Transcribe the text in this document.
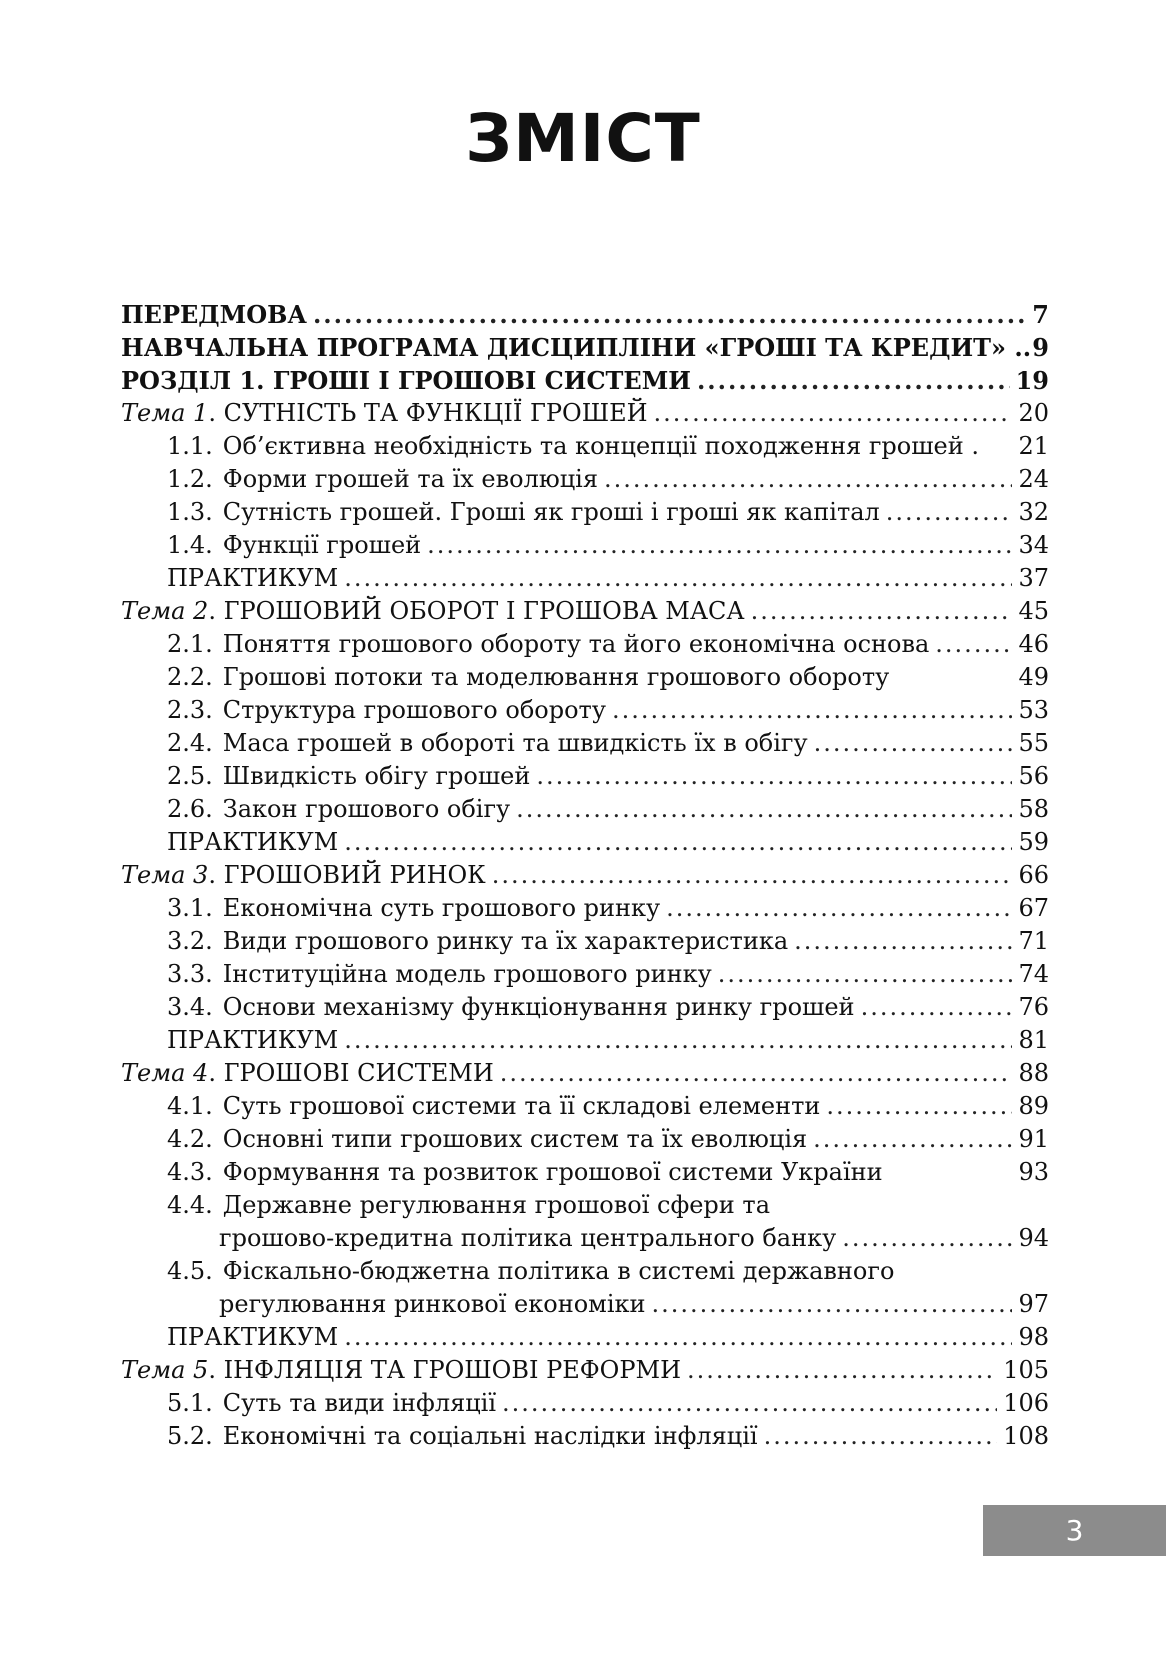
ЗМІСТ
ПЕРЕДМОВА .....	7
НАВЧАЛЬНА ПРОГРАМА ДИСЦИПЛІНИ «ГРОШІ ТА КРЕДИТ» .. 9
РОЗДІЛ 1. ГРОШІ І ГРОШОВІ СИСТЕМИ .....	19
Тема 1 . СУТНІСТЬ ТА ФУНКЦІЇ ГРОШЕЙ .....	20
1.1. Об’єктивна необхідність та концепції походження грошей . 21
1.2. Форми грошей та їх еволюція .....	24
1.3. Сутність грошей. Гроші як гроші і гроші як капітал .....	32
1.4. Функції грошей .....	34
ПРАКТИКУМ .....	37
Тема 2 . ГРОШОВИЙ ОБОРОТ І ГРОШОВА МАСА .....	45
2.1. Поняття грошового обороту та його економічна основа .....	46
2.2. Грошові потоки та моделювання грошового обороту	49
2.3. Структура грошового обороту .....	53
2.4. Маса грошей в обороті та швидкість їх в обігу .....	55
2.5. Швидкість обігу грошей .....	56
2.6. Закон грошового обігу .....	58
ПРАКТИКУМ .....	59
Тема 3 . ГРОШОВИЙ РИНОК .....	66
3.1. Економічна суть грошового ринку .....	67
3.2. Види грошового ринку та їх характеристика .....	71
3.3. Інституційна модель грошового ринку .....	74
3.4. Основи механізму функціонування ринку грошей .....	76
ПРАКТИКУМ .....	81
Тема 4 . ГРОШОВІ СИСТЕМИ .....	88
4.1. Суть грошової системи та її складові елементи .....	89
4.2. Основні типи грошових систем та їх еволюція .....	91
4.3. Формування та розвиток грошової системи України	93
4.4. Державне регулювання грошової сфери та
грошово-кредитна політика центрального банку .....	94
4.5. Фіскально-бюджетна політика в системі державного
регулювання ринкової економіки .....	97
ПРАКТИКУМ .....	98
Тема 5 . ІНФЛЯЦІЯ ТА ГРОШОВІ РЕФОРМИ .....	105
5.1. Суть та види інфляції .....	106
5.2. Економічні та соціальні наслідки інфляції .....	108
3
